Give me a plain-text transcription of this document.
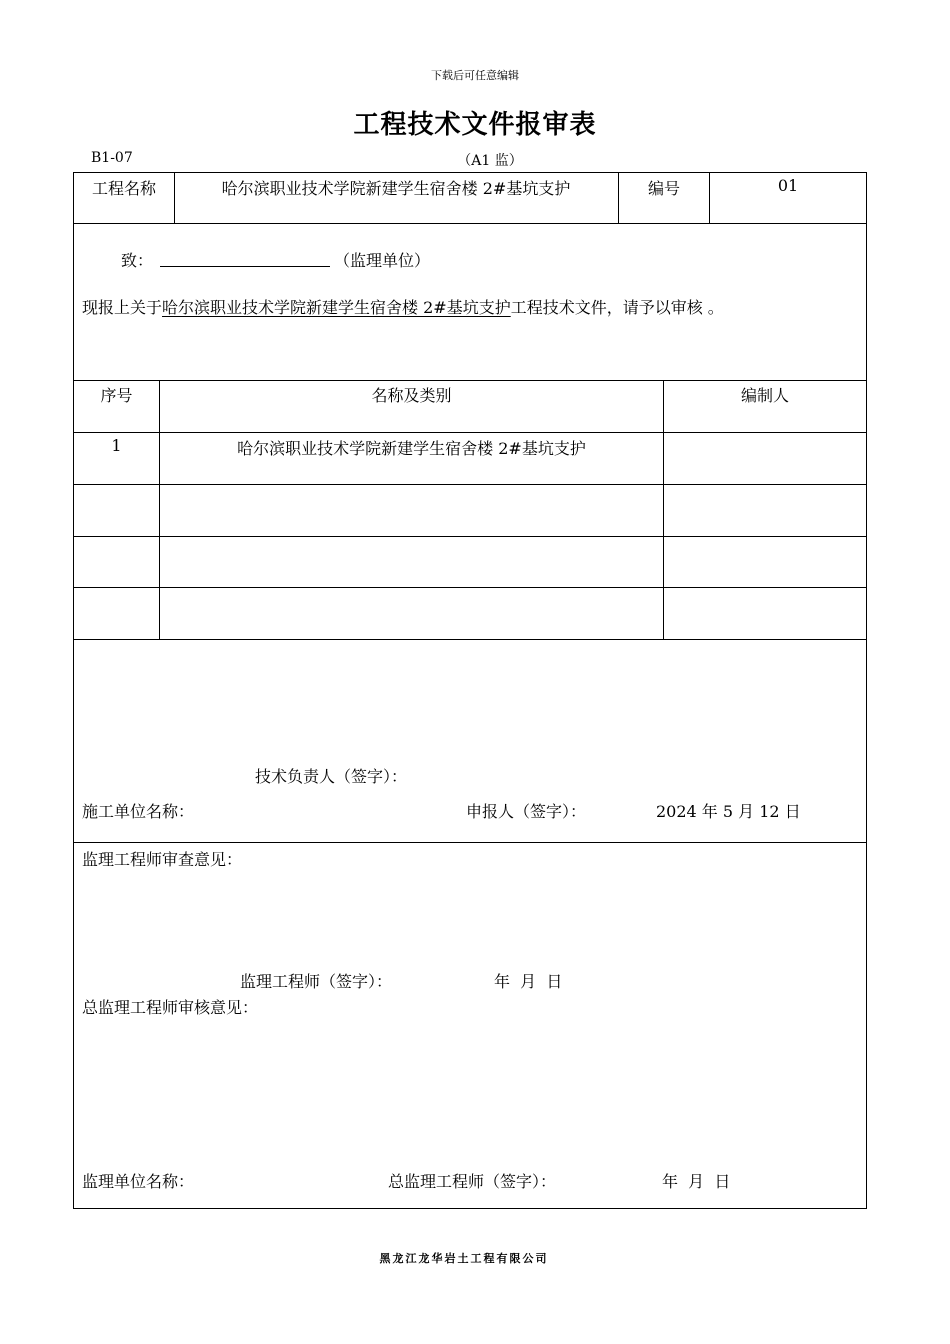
下载后可任意编辑
工程技术文件报审表
B1-07	（A1 监）
工程名称	哈尔滨职业技术学院新建学生宿舍楼 2#基坑支护	编号	01
致：	（监理单位）
现报上关于哈尔滨职业技术学院新建学生宿舍楼 2#基坑支护工程技术文件，请予以审核 。
序号	名称及类别	编制人
1	哈尔滨职业技术学院新建学生宿舍楼 2#基坑支护
技术负责人（签字）：
施工单位名称：	申报人（签字）：	2024 年 5 月 12 日
监理工程师审查意见：
监理工程师（签字）：	年  月  日
总监理工程师审核意见：
监理单位名称：	总监理工程师（签字）：	年  月  日
黑龙江龙华岩土工程有限公司
